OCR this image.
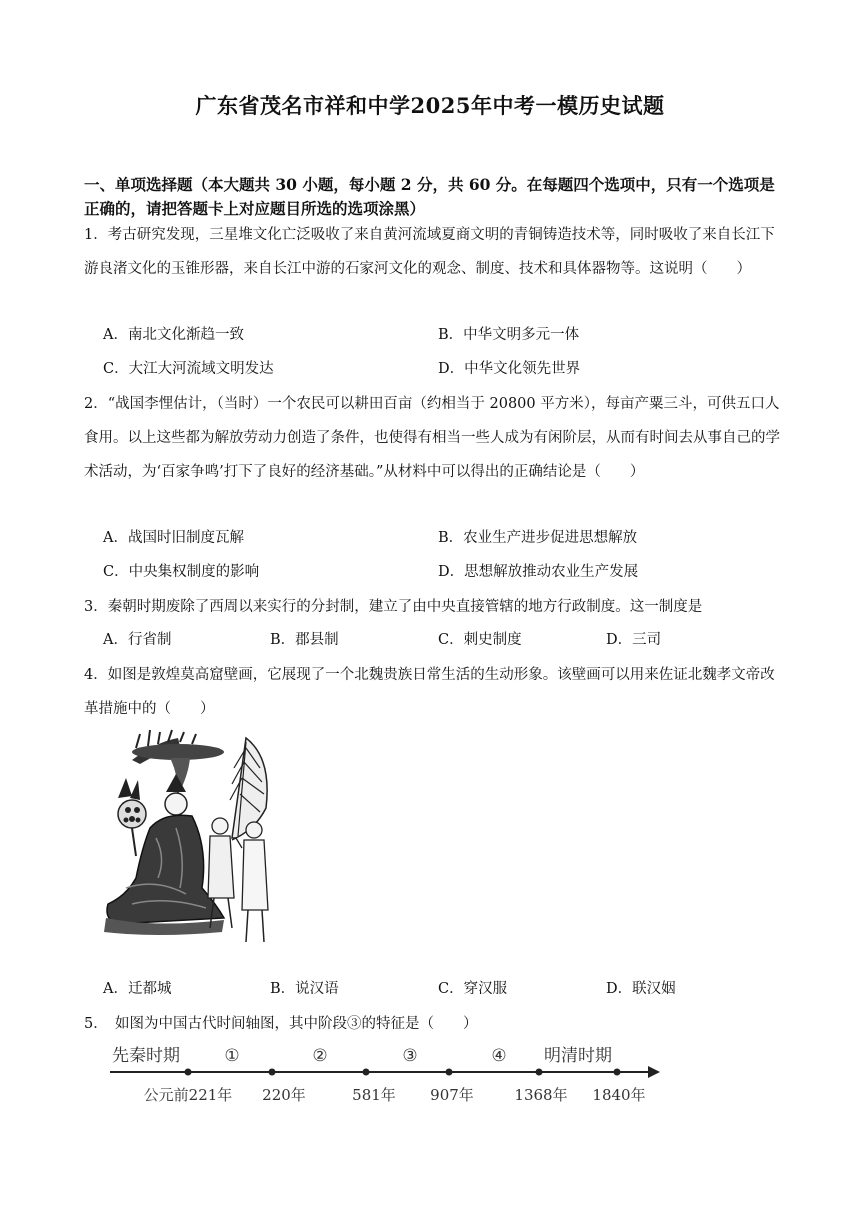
广东省茂名市祥和中学2025年中考一模历史试题
一、单项选择题（本大题共 30 小题，每小题 2 分，共 60 分。在每题四个选项中，只有一个选项是正确的，请把答题卡上对应题目所选的选项涂黑）
1．考古研究发现，三星堆文化亡泛吸收了来自黄河流域夏商文明的青铜铸造技术等，同时吸收了来自长江下游良渚文化的玉锥形器，来自长江中游的石家河文化的观念、制度、技术和具体器物等。这说明（　　）
A．南北文化渐趋一致	B．中华文明多元一体
C．大江大河流域文明发达	D．中华文化领先世界
2．“战国李悝估计，（当时）一个农民可以耕田百亩（约相当于 20800 平方米），每亩产粟三斗，可供五口人食用。以上这些都为解放劳动力创造了条件，也使得有相当一些人成为有闲阶层，从而有时间去从事自己的学术活动，为‘百家争鸣’打下了良好的经济基础。”从材料中可以得出的正确结论是（　　）
A．战国时旧制度瓦解	B．农业生产进步促进思想解放
C．中央集权制度的影响	D．思想解放推动农业生产发展
3．秦朝时期废除了西周以来实行的分封制，建立了由中央直接管辖的地方行政制度。这一制度是
A．行省制	B．郡县制	C．刺史制度	D．三司
4．如图是敦煌莫高窟壁画，它展现了一个北魏贵族日常生活的生动形象。该壁画可以用来佐证北魏孝文帝改革措施中的（　　）
A．迁都城	B．说汉语	C．穿汉服	D．联汉姻
5．　如图为中国古代时间轴图，其中阶段③的特征是（　　）
先秦时期	①	②	③	④ 明清时期
公元前221年 220年	581年 907年	1368年 1840年
